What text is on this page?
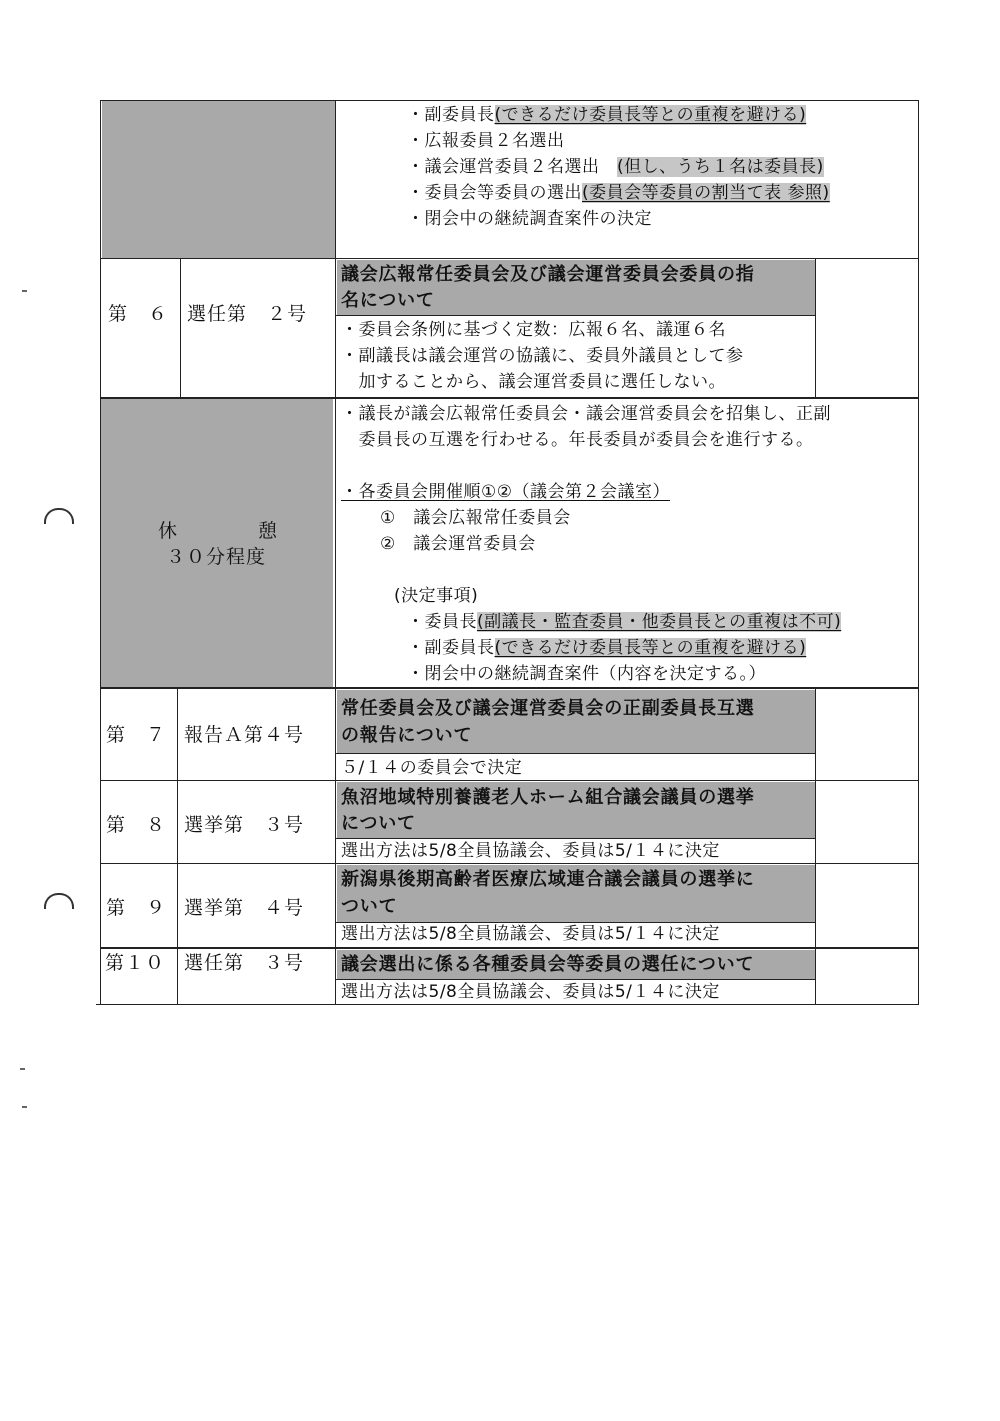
・副委員長(できるだけ委員長等との重複を避ける)
・広報委員２名選出
・議会運営委員２名選出　(但し、うち１名は委員長)
・委員会等委員の選出(委員会等委員の割当て表 参照)
・閉会中の継続調査案件の決定
第　６ 選任第　２号
議会広報常任委員会及び議会運営委員会委員の指
名について
・委員会条例に基づく定数：広報６名、議運６名
・副議長は議会運営の協議に、委員外議員として参
　加することから、議会運営委員に選任しない。
休　　　　憩
３０分程度
・議長が議会広報常任委員会・議会運営委員会を招集し、正副
　委員長の互選を行わせる。年長委員が委員会を進行する。
・各委員会開催順①②（議会第２会議室）
①　議会広報常任委員会
②　議会運営委員会
(決定事項)
・委員長(副議長・監査委員・他委員長との重複は不可)
・副委員長(できるだけ委員長等との重複を避ける)
・閉会中の継続調査案件（内容を決定する。）
第　７ 報告Ａ第４号
常任委員会及び議会運営委員会の正副委員長互選
の報告について
５/１４の委員会で決定
第　８ 選挙第　３号
魚沼地域特別養護老人ホーム組合議会議員の選挙
について
選出方法は5/8全員協議会、委員は5/１４に決定
第　９ 選挙第　４号
新潟県後期高齢者医療広域連合議会議員の選挙に
ついて
選出方法は5/8全員協議会、委員は5/１４に決定
第１０ 選任第　３号 議会選出に係る各種委員会等委員の選任について
選出方法は5/8全員協議会、委員は5/１４に決定
